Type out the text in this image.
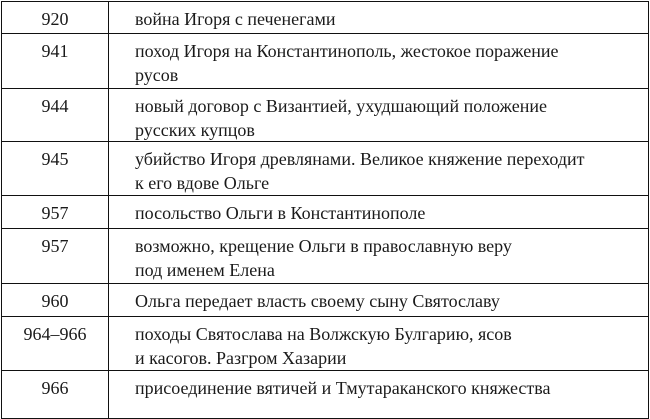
920	война Игоря с печенегами
941	поход Игоря на Константинополь, жестокое поражение
русов
944	новый договор с Византией, ухудшающий положение
русских купцов
945	убийство Игоря древлянами. Великое княжение переходит
к его вдове Ольге
957	посольство Ольги в Константинополе
957	возможно, крещение Ольги в православную веру
под именем Елена
960	Ольга передает власть своему сыну Святославу
964–966	походы Святослава на Волжскую Булгарию, ясов
и касогов. Разгром Хазарии
966	присоединение вятичей и Тмутараканского княжества
